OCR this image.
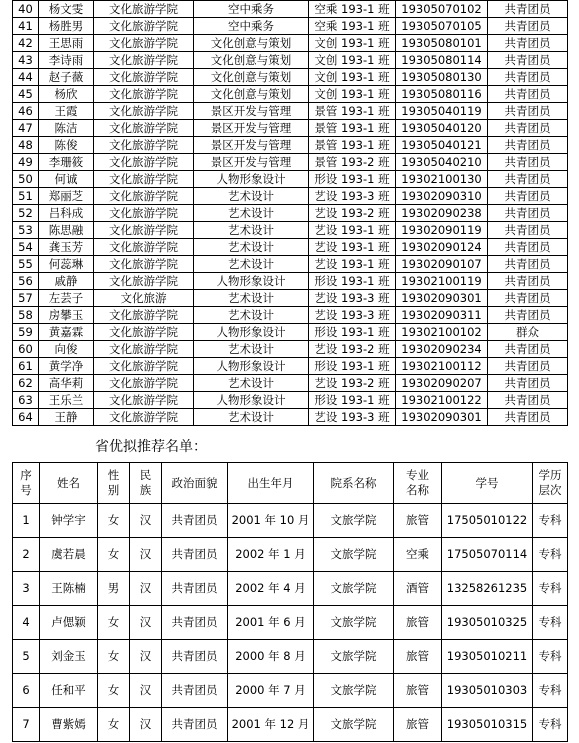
40	杨文雯	文化旅游学院	空中乘务	空乘 193-1 班	19305070102	共青团员
41	杨胜男	文化旅游学院	空中乘务	空乘 193-1 班	19305070105	共青团员
42	王思雨	文化旅游学院	文化创意与策划	文创 193-1 班	19305080101	共青团员
43	李诗雨	文化旅游学院	文化创意与策划	文创 193-1 班	19305080114	共青团员
44	赵子薇	文化旅游学院	文化创意与策划	文创 193-1 班	19305080130	共青团员
45	杨欣	文化旅游学院	文化创意与策划	文创 193-1 班	19305080116	共青团员
46	王霞	文化旅游学院	景区开发与管理	景管 193-1 班	19305040119	共青团员
47	陈洁	文化旅游学院	景区开发与管理	景管 193-1 班	19305040120	共青团员
48	陈俊	文化旅游学院	景区开发与管理	景管 193-1 班	19305040121	共青团员
49	李珊筱	文化旅游学院	景区开发与管理	景管 193-2 班	19305040210	共青团员
50	何诚	文化旅游学院	人物形象设计	形设 193-1 班	19302100130	共青团员
51	郑丽芝	文化旅游学院	艺术设计	艺设 193-3 班	19302090310	共青团员
52	吕科成	文化旅游学院	艺术设计	艺设 193-2 班	19302090238	共青团员
53	陈思融	文化旅游学院	艺术设计	艺设 193-1 班	19302090119	共青团员
54	龚玉芳	文化旅游学院	艺术设计	艺设 193-1 班	19302090124	共青团员
55	何蕊琳	文化旅游学院	艺术设计	艺设 193-1 班	19302090107	共青团员
56	戚静	文化旅游学院	人物形象设计	形设 193-1 班	19302100119	共青团员
57	左芸子	文化旅游	艺术设计	艺设 193-3 班	19302090301	共青团员
58	房攀玉	文化旅游学院	艺术设计	艺设 193-3 班	19302090311	共青团员
59	黄嘉霖	文化旅游学院	人物形象设计	形设 193-1 班	19302100102	群众
60	向俊	文化旅游学院	艺术设计	艺设 193-2 班	19302090234	共青团员
61	黄学净	文化旅游学院	人物形象设计	形设 193-1 班	19302100112	共青团员
62	高华莉	文化旅游学院	艺术设计	艺设 193-2 班	19302090207	共青团员
63	王乐兰	文化旅游学院	人物形象设计	形设 193-1 班	19302100122	共青团员
64	王静	文化旅游学院	艺术设计	艺设 193-3 班	19302090301	共青团员
省优拟推荐名单：
序号	姓名	性别	民族	政治面貌	出生年月	院系名称	专业名称	学号	学历层次
1	钟学宇	女	汉	共青团员	2001 年 10 月	文旅学院	旅管	17505010122	专科
2	虞若晨	女	汉	共青团员	2002 年 1 月	文旅学院	空乘	17505070114	专科
3	王陈楠	男	汉	共青团员	2002 年 4 月	文旅学院	酒管	13258261235	专科
4	卢偲颖	女	汉	共青团员	2001 年 6 月	文旅学院	旅管	19305010325	专科
5	刘金玉	女	汉	共青团员	2000 年 8 月	文旅学院	旅管	19305010211	专科
6	任和平	女	汉	共青团员	2000 年 7 月	文旅学院	旅管	19305010303	专科
7	曹紫嫣	女	汉	共青团员	2001 年 12 月	文旅学院	旅管	19305010315	专科
